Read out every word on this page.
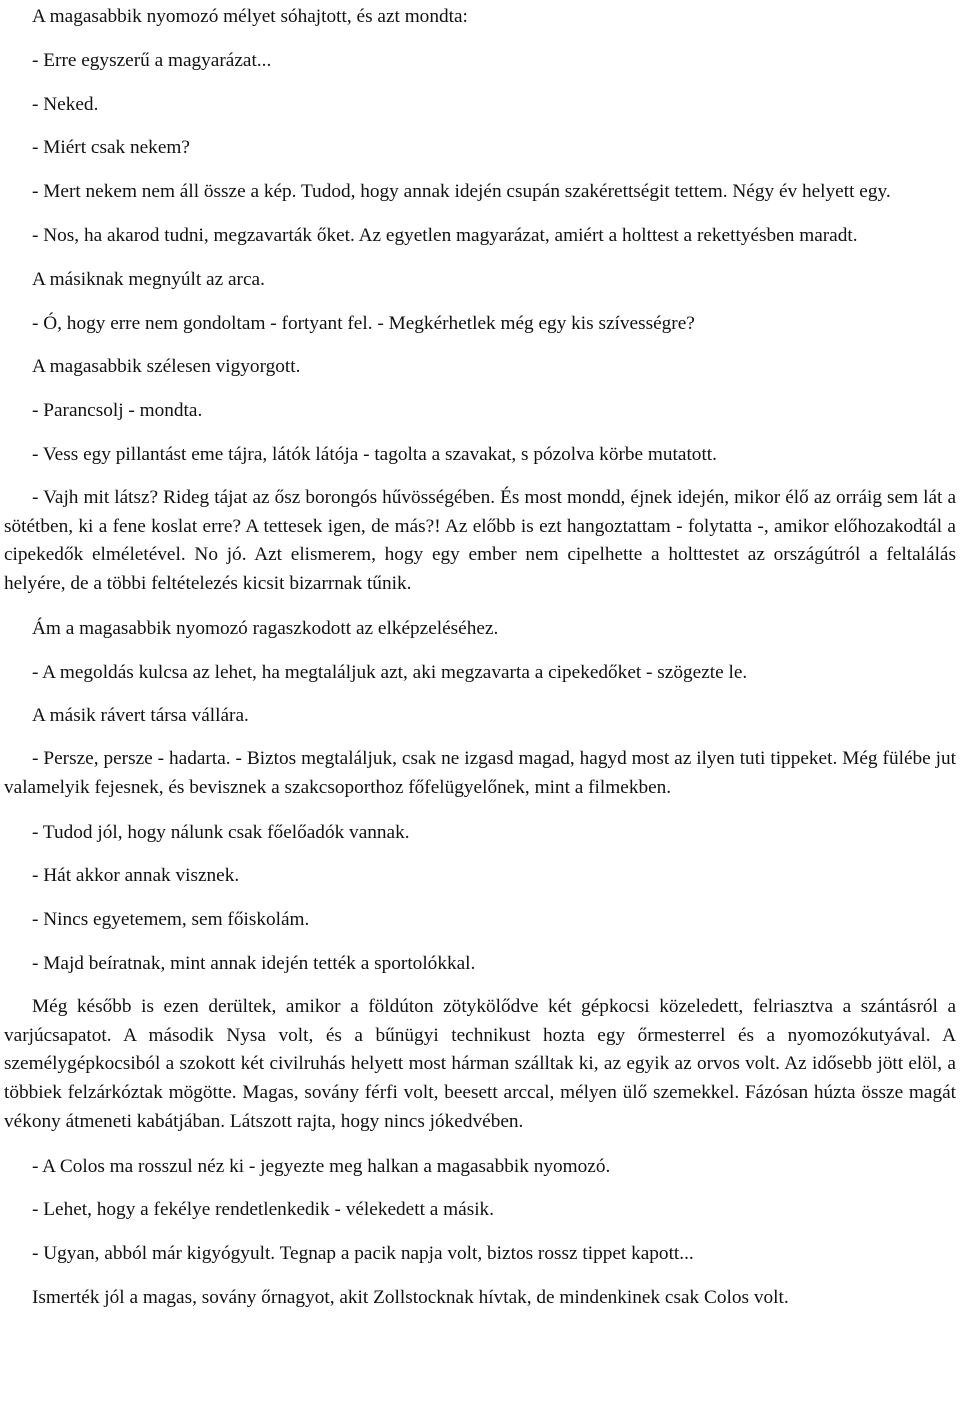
A magasabbik nyomozó mélyet sóhajtott, és azt mondta:

- Erre egyszerű a magyarázat...

- Neked.

- Miért csak nekem?

- Mert nekem nem áll össze a kép. Tudod, hogy annak idején csupán szakérettségit tettem. Négy év helyett egy.

- Nos, ha akarod tudni, megzavarták őket. Az egyetlen magyarázat, amiért a holttest a rekettyésben maradt.

A másiknak megnyúlt az arca.

- Ó, hogy erre nem gondoltam - fortyant fel. - Megkérhetlek még egy kis szívességre?

A magasabbik szélesen vigyorgott.

- Parancsolj - mondta.

- Vess egy pillantást eme tájra, látók látója - tagolta a szavakat, s pózolva körbe mutatott.

- Vajh mit látsz? Rideg tájat az ősz borongós hűvösségében. És most mondd, éjnek idején, mikor élő az orráig sem lát a sötétben, ki a fene koslat erre? A tettesek igen, de más?! Az előbb is ezt hangoztattam - folytatta -, amikor előhozakodtál a cipekedők elméletével. No jó. Azt elismerem, hogy egy ember nem cipelhette a holttestet az országútról a feltalálás helyére, de a többi feltételezés kicsit bizarrnak tűnik.

Ám a magasabbik nyomozó ragaszkodott az elképzeléséhez.

- A megoldás kulcsa az lehet, ha megtaláljuk azt, aki megzavarta a cipekedőket - szögezte le.

A másik rávert társa vállára.

- Persze, persze - hadarta. - Biztos megtaláljuk, csak ne izgasd magad, hagyd most az ilyen tuti tippeket. Még fülébe jut valamelyik fejesnek, és bevisznek a szakcsoporthoz főfelügyelőnek, mint a filmekben.

- Tudod jól, hogy nálunk csak főelőadók vannak.

- Hát akkor annak visznek.

- Nincs egyetemem, sem főiskolám.

- Majd beíratnak, mint annak idején tették a sportolókkal.

Még később is ezen derültek, amikor a földúton zötykölődve két gépkocsi közeledett, felriasztva a szántásról a varjúcsapatot. A második Nysa volt, és a bűnügyi technikust hozta egy őrmesterrel és a nyomozókutyával. A személygépkocsiból a szokott két civilruhás helyett most hárman szálltak ki, az egyik az orvos volt. Az idősebb jött elöl, a többiek felzárkóztak mögötte. Magas, sovány férfi volt, beesett arccal, mélyen ülő szemekkel. Fázósan húzta össze magát vékony átmeneti kabátjában. Látszott rajta, hogy nincs jókedvében.

- A Colos ma rosszul néz ki - jegyezte meg halkan a magasabbik nyomozó.

- Lehet, hogy a fekélye rendetlenkedik - vélekedett a másik.

- Ugyan, abból már kigyógyult. Tegnap a pacik napja volt, biztos rossz tippet kapott...

Ismerték jól a magas, sovány őrnagyot, akit Zollstocknak hívtak, de mindenkinek csak Colos volt.
